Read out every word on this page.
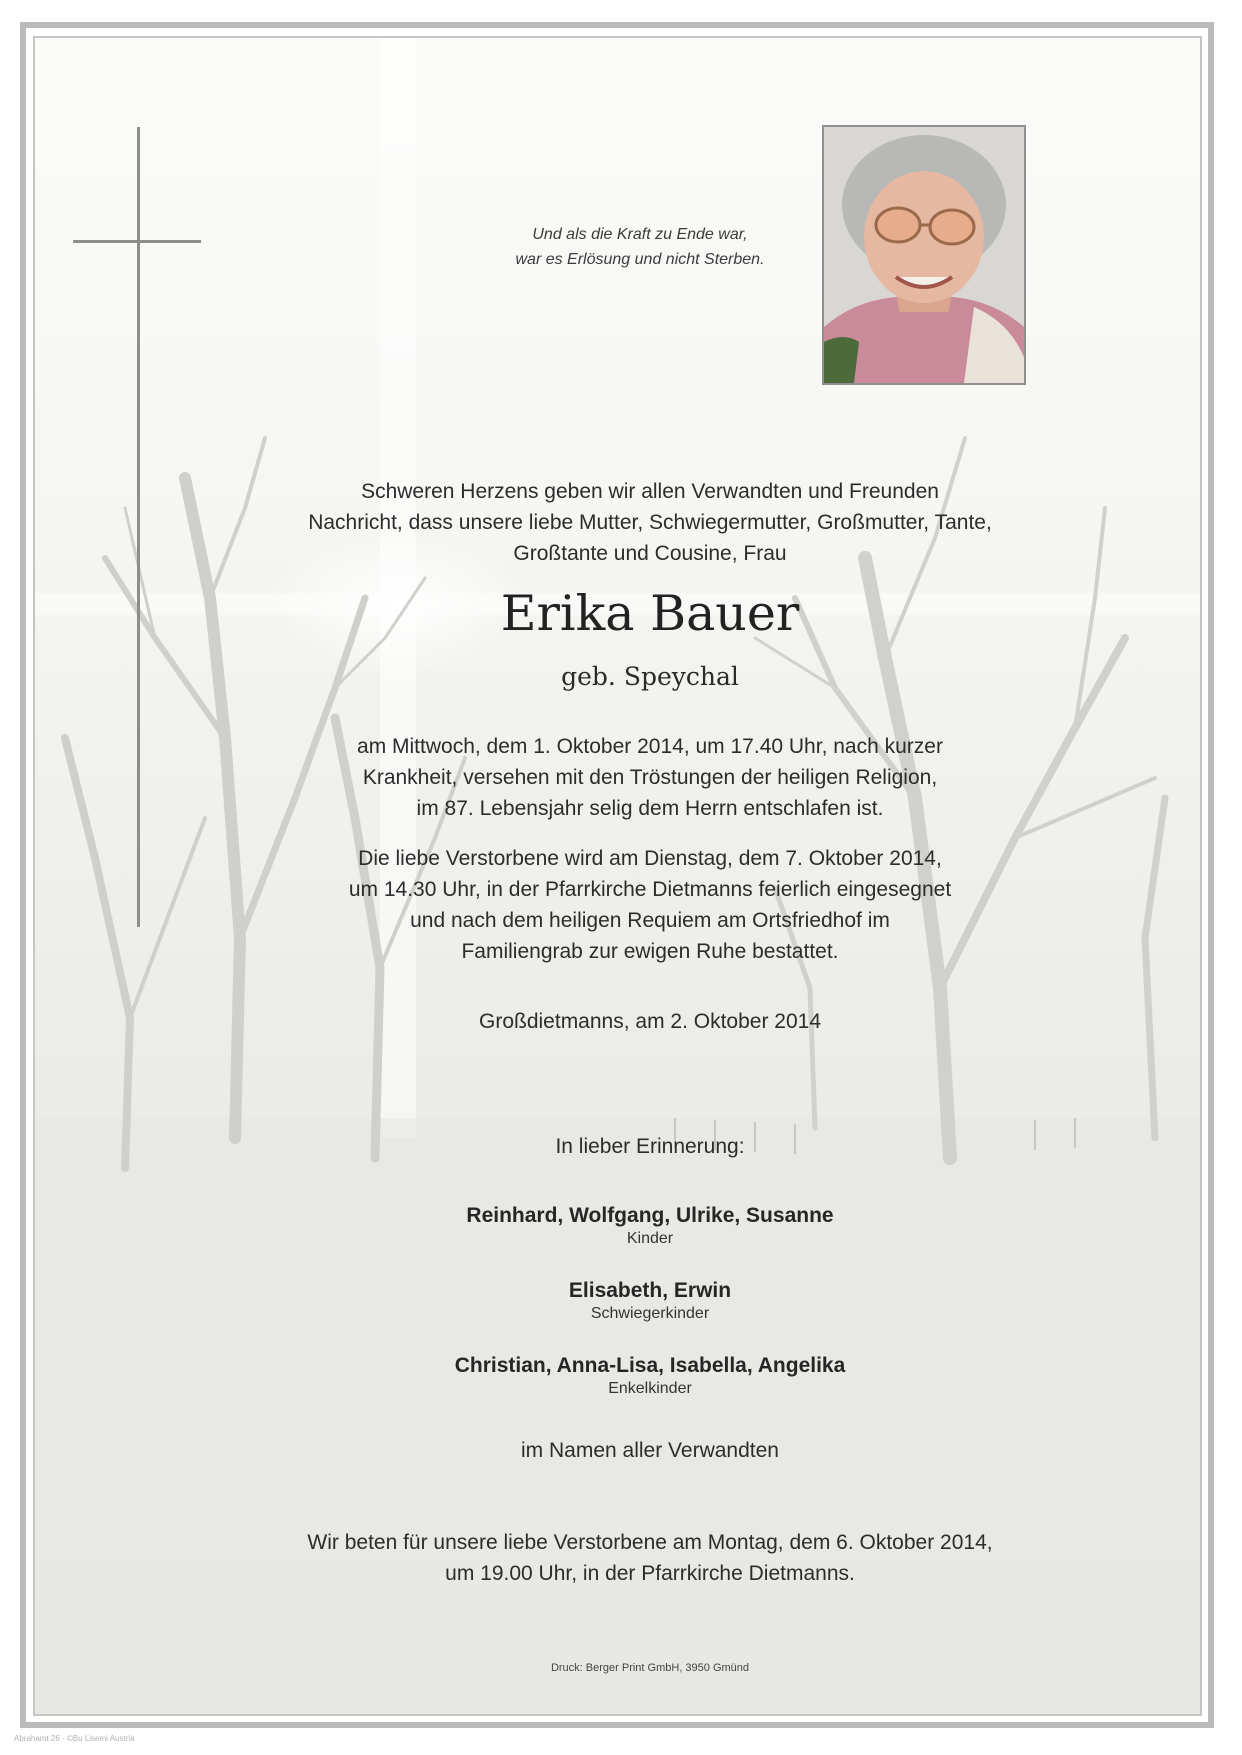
Und als die Kraft zu Ende war,
war es Erlösung und nicht Sterben.
Schweren Herzens geben wir allen Verwandten und Freunden
Nachricht, dass unsere liebe Mutter, Schwiegermutter, Großmutter, Tante,
Großtante und Cousine, Frau
Erika Bauer
geb. Speychal
am Mittwoch, dem 1. Oktober 2014, um 17.40 Uhr, nach kurzer
Krankheit, versehen mit den Tröstungen der heiligen Religion,
im 87. Lebensjahr selig dem Herrn entschlafen ist.
Die liebe Verstorbene wird am Dienstag, dem 7. Oktober 2014,
um 14.30 Uhr, in der Pfarrkirche Dietmanns feierlich eingesegnet
und nach dem heiligen Requiem am Ortsfriedhof im
Familiengrab zur ewigen Ruhe bestattet.
Großdietmanns, am 2. Oktober 2014
In lieber Erinnerung:
Reinhard, Wolfgang, Ulrike, Susanne
Kinder
Elisabeth, Erwin
Schwiegerkinder
Christian, Anna-Lisa, Isabella, Angelika
Enkelkinder
im Namen aller Verwandten
Wir beten für unsere liebe Verstorbene am Montag, dem 6. Oktober 2014,
um 19.00 Uhr, in der Pfarrkirche Dietmanns.
Druck: Berger Print GmbH, 3950 Gmünd
Abrahamt 26 · ©Bu Lisemi Austria
